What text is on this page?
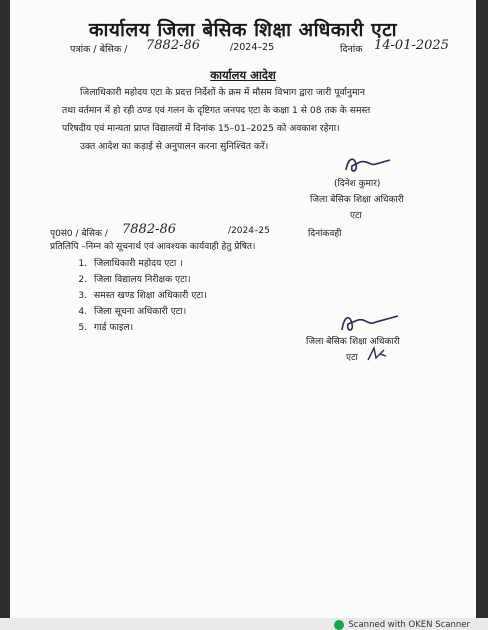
कार्यालय जिला बेसिक शिक्षा अधिकारी एटा
पत्रांक / बेसिक / 7882-86	/2024–25	दिनांक 14-01-2025
कार्यालय आदेश
जिलाधिकारी महोदय एटा के प्रदत्त निर्देशों के क्रम में मौसम विभाग द्वारा जारी पूर्वानुमान
तथा वर्तमान में हो रही ठण्ड एवं गलन के दृष्टिगत जनपद एटा के कक्षा 1 से 08 तक के समस्त
परिषदीय एवं मान्यता प्राप्त विद्यालयों में दिनांक 15–01–2025 को अवकाश रहेगा।
उक्त आदेश का कड़ाई से अनुपालन करना सुनिश्चित करें।
(दिनेश कुमार)
जिला बेसिक शिक्षा अधिकारी
एटा
पृ0सं0 / बेसिक / 7882-86	/2024–25	दिनांकवही
प्रतिलिपि –निम्न को सूचनार्थ एवं आवश्यक कार्यवाही हेतु प्रेषित।
1. जिलाधिकारी महोदय एटा ।
2. जिला विद्यालय निरीक्षक एटा।
3. समस्त खण्ड शिक्षा अधिकारी एटा।
4. जिला सूचना अधिकारी एटा।
5. गार्ड फाइल।
जिला बेसिक शिक्षा अधिकारी
एटा
Scanned with OKEN Scanner
